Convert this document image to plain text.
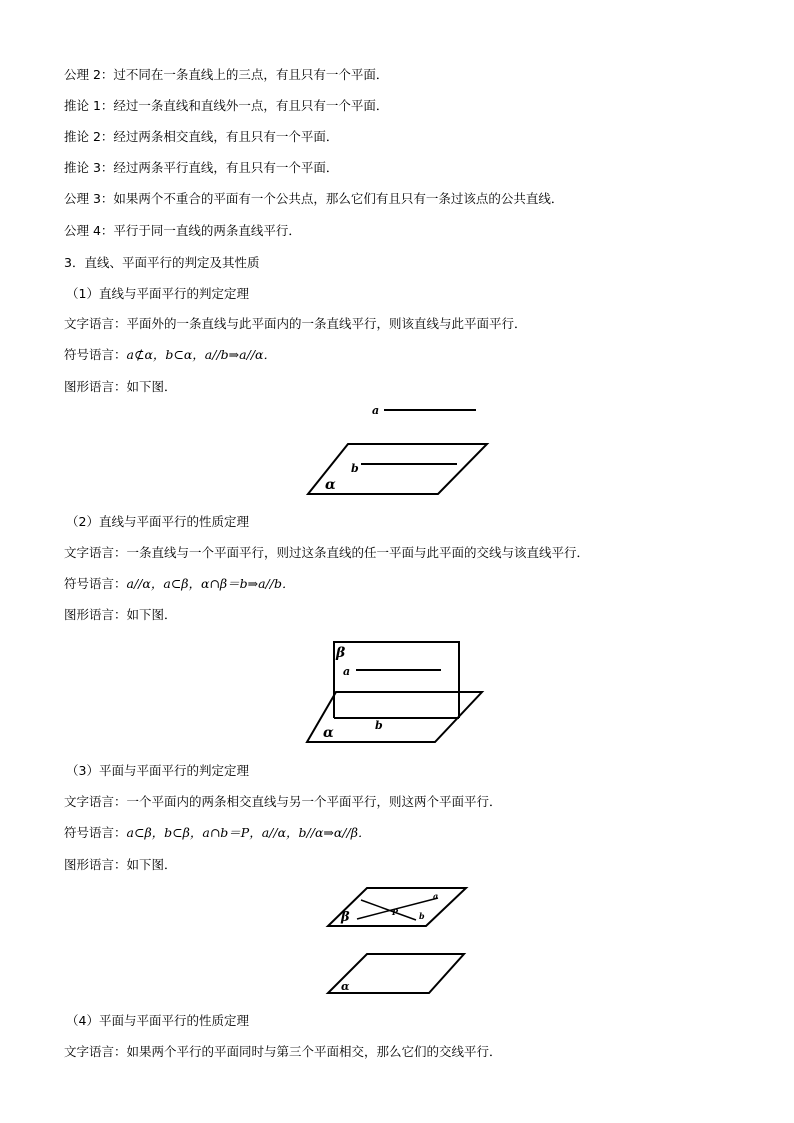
公理 2：过不同在一条直线上的三点，有且只有一个平面．
推论 1：经过一条直线和直线外一点，有且只有一个平面．
推论 2：经过两条相交直线，有且只有一个平面．
推论 3：经过两条平行直线，有且只有一个平面．
公理 3：如果两个不重合的平面有一个公共点，那么它们有且只有一条过该点的公共直线．
公理 4：平行于同一直线的两条直线平行．
3．直线、平面平行的判定及其性质
（1）直线与平面平行的判定定理
文字语言：平面外的一条直线与此平面内的一条直线平行，则该直线与此平面平行．
符号语言：a⊄α，b⊂α，a//b⇒a//α．
图形语言：如下图．
a
b
α
（2）直线与平面平行的性质定理
文字语言：一条直线与一个平面平行，则过这条直线的任一平面与此平面的交线与该直线平行．
符号语言：a//α，a⊂β，α∩β＝b⇒a//b．
图形语言：如下图．
β
a
b
α
（3）平面与平面平行的判定定理
文字语言：一个平面内的两条相交直线与另一个平面平行，则这两个平面平行．
符号语言：a⊂β，b⊂β，a∩b＝P，a//α，b//α⇒α//β．
图形语言：如下图．
β
a
b
P
α
（4）平面与平面平行的性质定理
文字语言：如果两个平行的平面同时与第三个平面相交，那么它们的交线平行．
